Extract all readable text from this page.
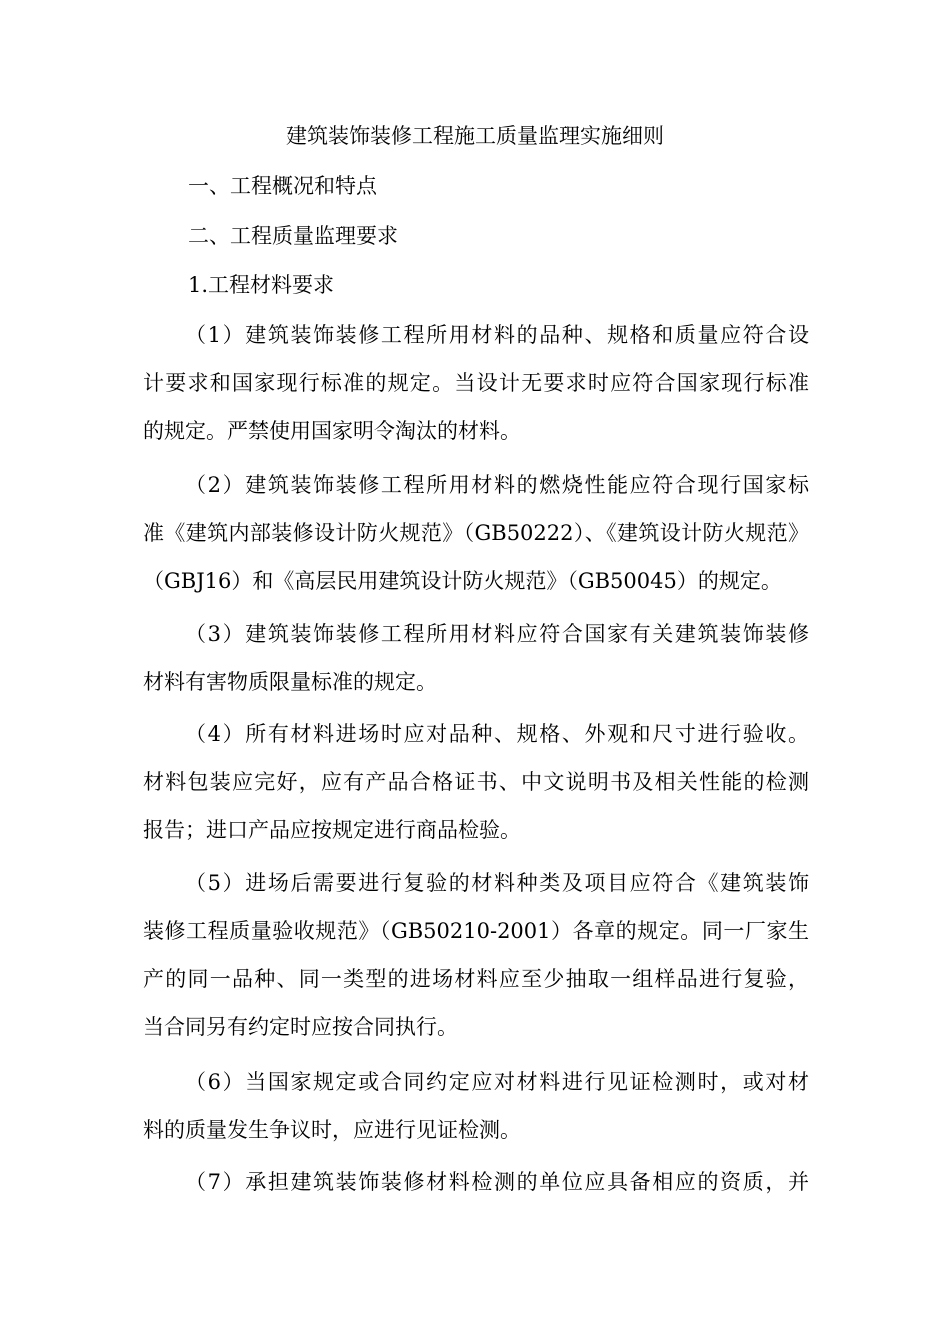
建筑装饰装修工程施工质量监理实施细则
一、工程概况和特点
二、工程质量监理要求
1.工程材料要求
（1）建筑装饰装修工程所用材料的品种、规格和质量应符合设
计要求和国家现行标准的规定。当设计无要求时应符合国家现行标准
的规定。严禁使用国家明令淘汰的材料。
（2）建筑装饰装修工程所用材料的燃烧性能应符合现行国家标
准《建筑内部装修设计防火规范》（GB50222）、《建筑设计防火规范》
（GBJ16）和《高层民用建筑设计防火规范》（GB50045）的规定。
（3）建筑装饰装修工程所用材料应符合国家有关建筑装饰装修
材料有害物质限量标准的规定。
（4）所有材料进场时应对品种、规格、外观和尺寸进行验收。
材料包装应完好，应有产品合格证书、中文说明书及相关性能的检测
报告；进口产品应按规定进行商品检验。
（5）进场后需要进行复验的材料种类及项目应符合《建筑装饰
装修工程质量验收规范》（GB50210-2001）各章的规定。同一厂家生
产的同一品种、同一类型的进场材料应至少抽取一组样品进行复验，
当合同另有约定时应按合同执行。
（6）当国家规定或合同约定应对材料进行见证检测时，或对材
料的质量发生争议时，应进行见证检测。
（7）承担建筑装饰装修材料检测的单位应具备相应的资质，并
